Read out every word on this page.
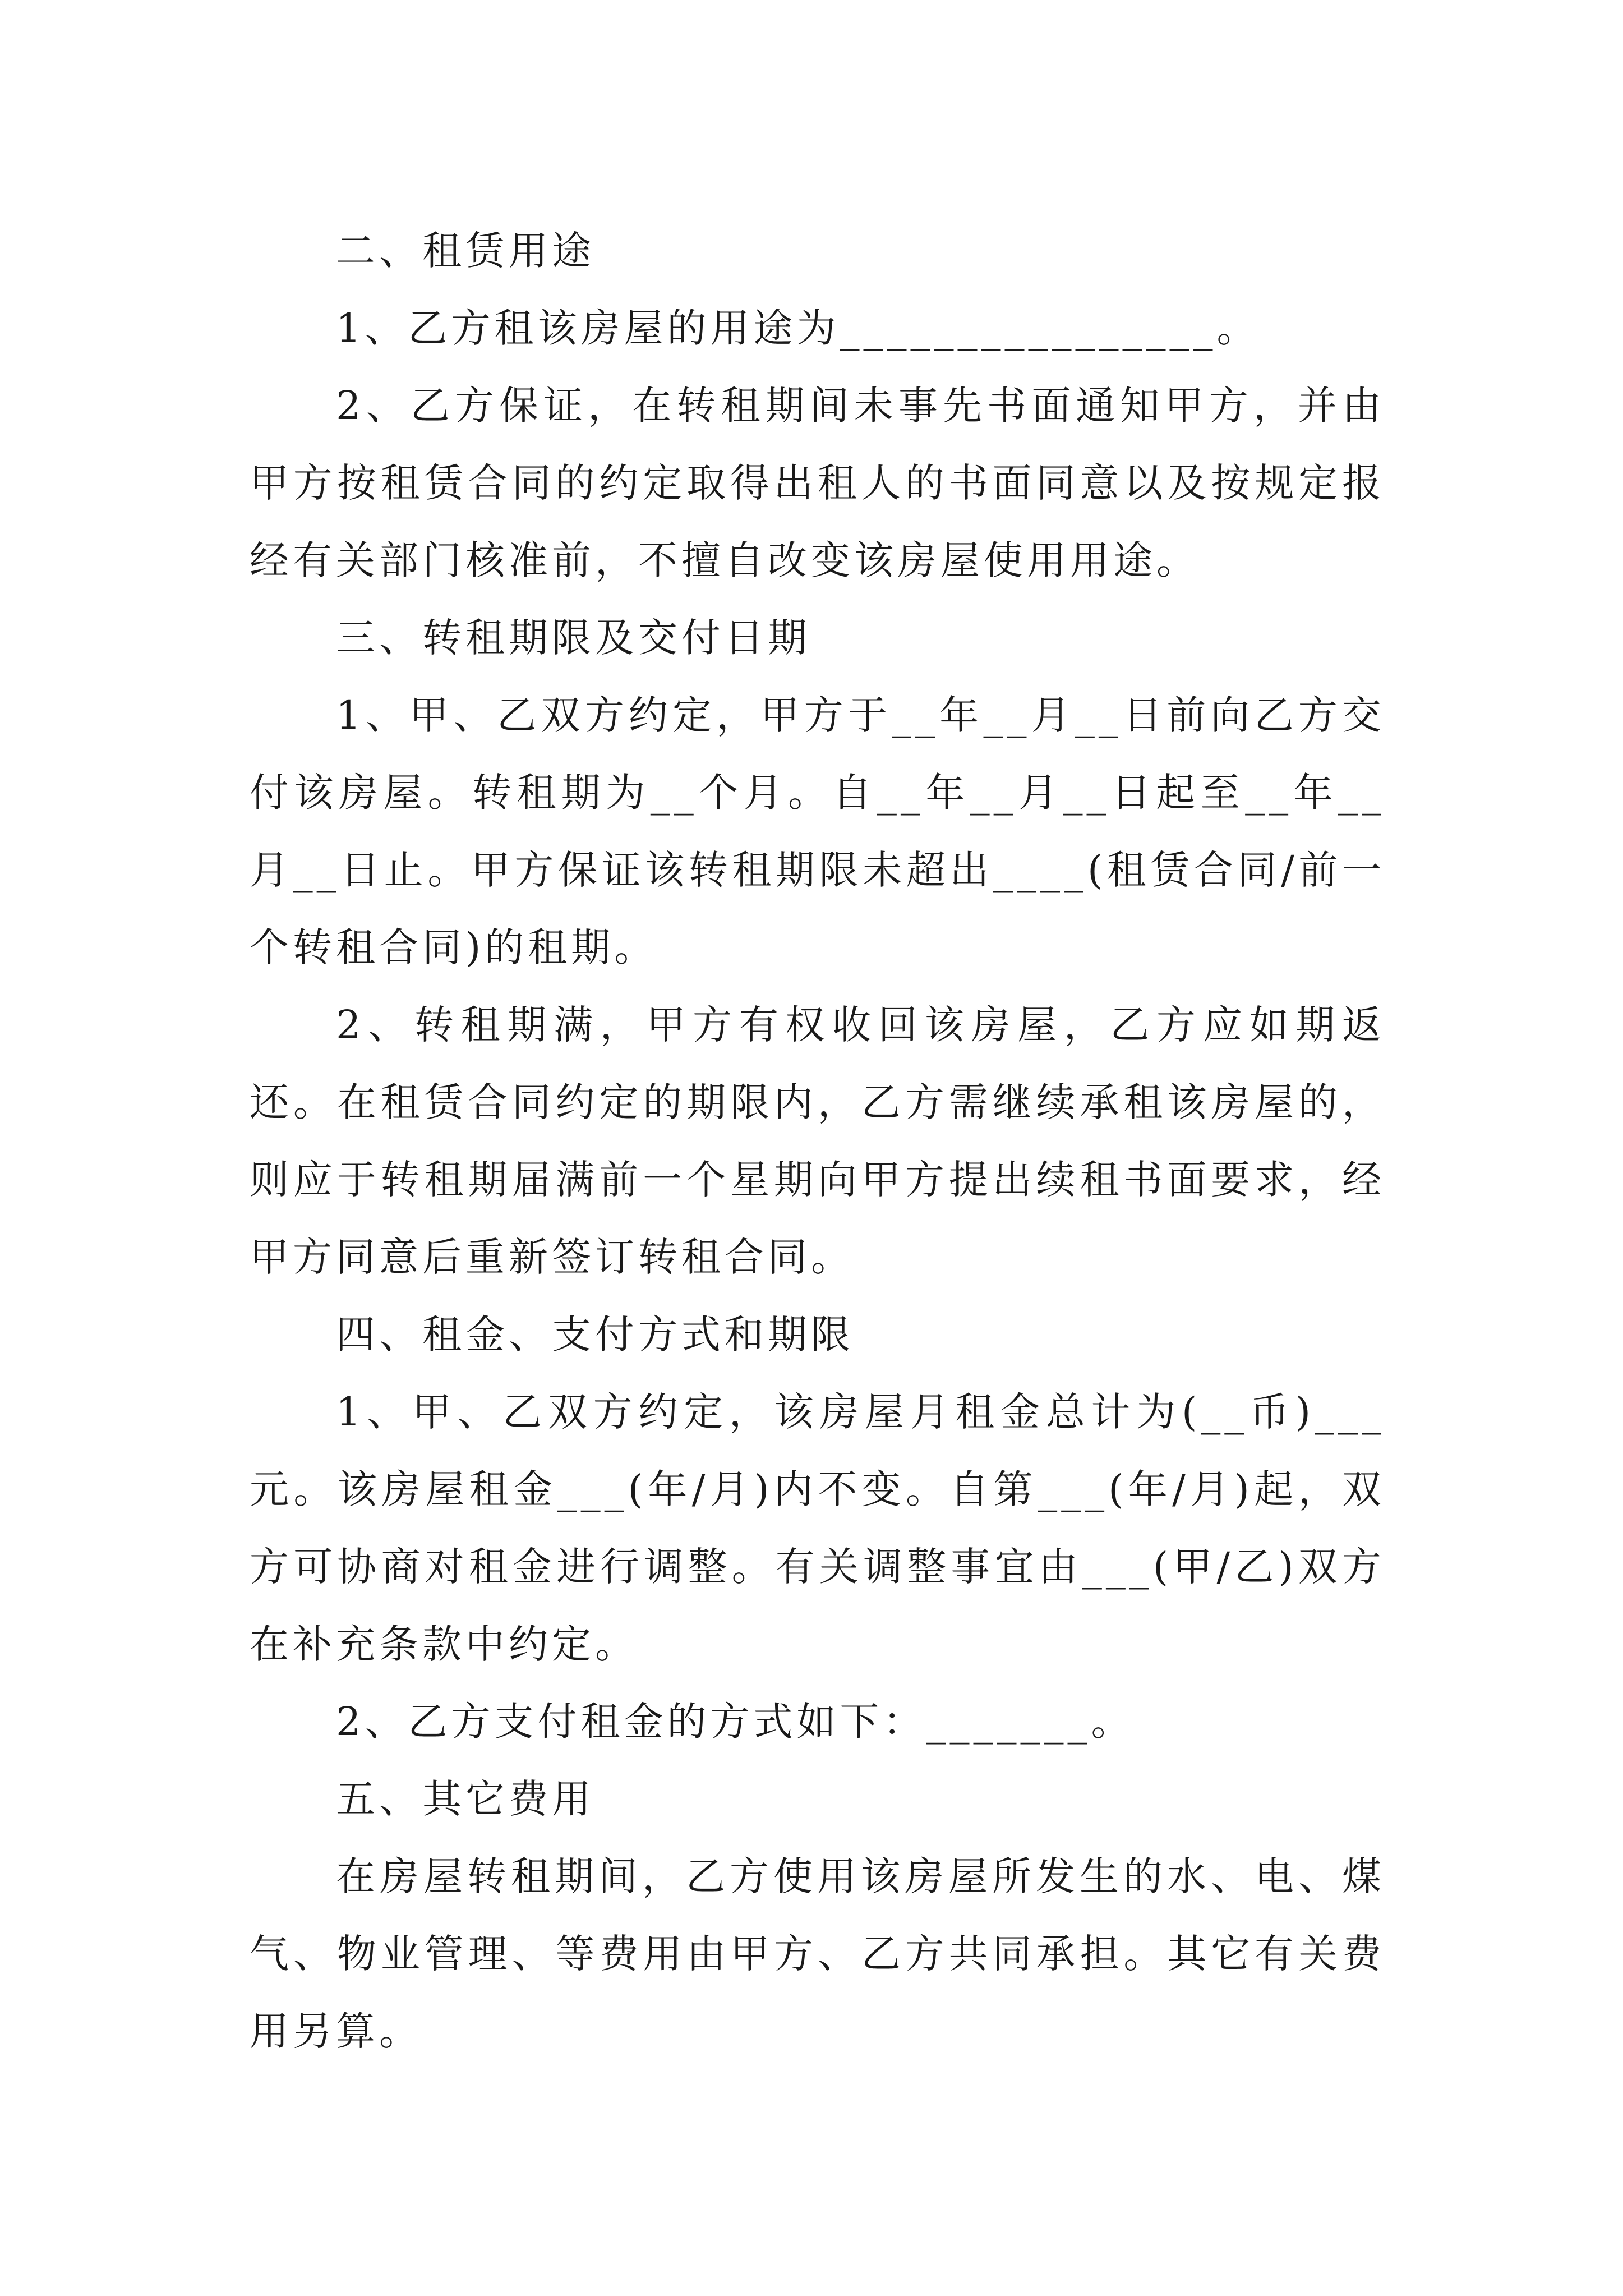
二、租赁用途

1、乙方租该房屋的用途为________________。

2、乙方保证，在转租期间未事先书面通知甲方，并由甲方按租赁合同的约定取得出租人的书面同意以及按规定报经有关部门核准前，不擅自改变该房屋使用用途。

三、转租期限及交付日期

1、甲、乙双方约定，甲方于__年__月__日前向乙方交付该房屋。转租期为__个月。自__年__月__日起至__年__月__日止。甲方保证该转租期限未超出____(租赁合同/前一个转租合同)的租期。

2、转租期满，甲方有权收回该房屋，乙方应如期返还。在租赁合同约定的期限内，乙方需继续承租该房屋的，则应于转租期届满前一个星期向甲方提出续租书面要求，经甲方同意后重新签订转租合同。

四、租金、支付方式和期限

1、甲、乙双方约定，该房屋月租金总计为(__币)___元。该房屋租金___(年/月)内不变。自第___(年/月)起，双方可协商对租金进行调整。有关调整事宜由___(甲/乙)双方在补充条款中约定。

2、乙方支付租金的方式如下：_______。

五、其它费用

在房屋转租期间，乙方使用该房屋所发生的水、电、煤气、物业管理、等费用由甲方、乙方共同承担。其它有关费用另算。
